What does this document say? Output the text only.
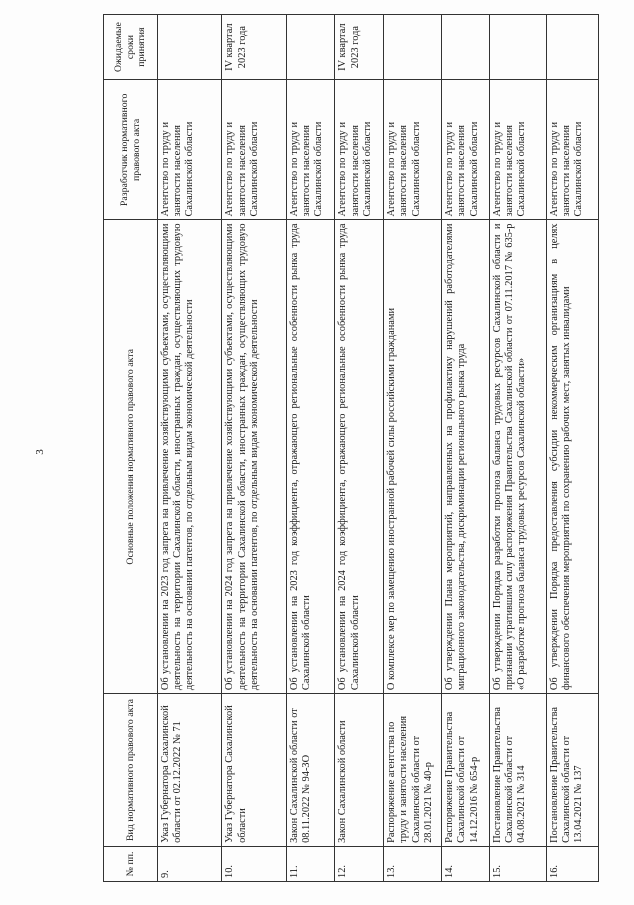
3
№ пп.	Вид нормативного правового акта	Основные положения нормативного правового акта	Разработчик нормативного правового акта	Ожидаемые сроки принятия
9.	Указ Губернатора Сахалинской области от 02.12.2022 № 71	Об установлении на 2023 год запрета на привлечение хозяйствующими субъектами, осуществляющими деятельность на территории Сахалинской области, иностранных граждан, осуществляющих трудовую деятельность на основании патентов, по отдельным видам экономической деятельности	Агентство по труду и занятости населения Сахалинской области	
10.	Указ Губернатора Сахалинской области	Об установлении на 2024 год запрета на привлечение хозяйствующими субъектами, осуществляющими деятельность на территории Сахалинской области, иностранных граждан, осуществляющих трудовую деятельность на основании патентов, по отдельным видам экономической деятельности	Агентство по труду и занятости населения Сахалинской области	IV квартал 2023 года
11.	Закон Сахалинской области от 08.11.2022 № 94-ЗО	Об установлении на 2023 год коэффициента, отражающего региональные особенности рынка труда Сахалинской области	Агентство по труду и занятости населения Сахалинской области	
12.	Закон Сахалинской области	Об установлении на 2024 год коэффициента, отражающего региональные особенности рынка труда Сахалинской области	Агентство по труду и занятости населения Сахалинской области	IV квартал 2023 года
13.	Распоряжение агентства по труду и занятости населения Сахалинской области от 28.01.2021 № 40-р	О комплексе мер по замещению иностранной рабочей силы российскими гражданами	Агентство по труду и занятости населения Сахалинской области	
14.	Распоряжение Правительства Сахалинской области от 14.12.2016 № 654-р	Об утверждении Плана мероприятий, направленных на профилактику нарушений работодателями миграционного законодательства, дискриминации регионального рынка труда	Агентство по труду и занятости населения Сахалинской области	
15.	Постановление Правительства Сахалинской области от 04.08.2021 № 314	Об утверждении Порядка разработки прогноза баланса трудовых ресурсов Сахалинской области и признании утратившим силу распоряжения Правительства Сахалинской области от 07.11.2017 № 635-р «О разработке прогноза баланса трудовых ресурсов Сахалинской области»	Агентство по труду и занятости населения Сахалинской области	
16.	Постановление Правительства Сахалинской области от 13.04.2021 № 137	Об утверждении Порядка предоставления субсидии некоммерческим организациям в целях финансового обеспечения мероприятий по сохранению рабочих мест, занятых инвалидами	Агентство по труду и занятости населения Сахалинской области	
